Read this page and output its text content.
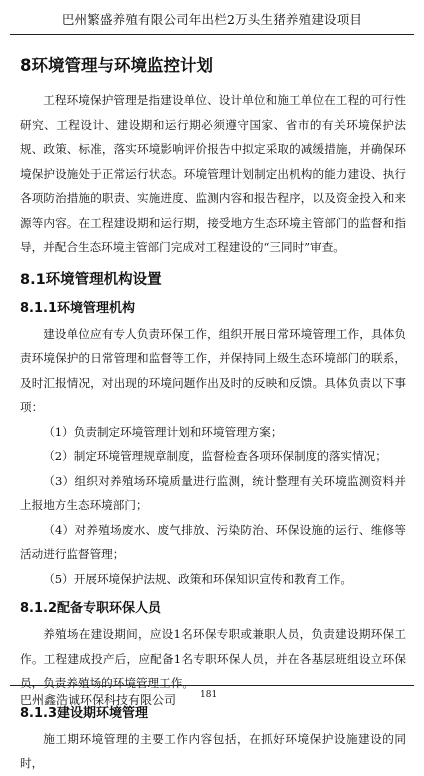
巴州繁盛养殖有限公司年出栏2万头生猪养殖建设项目
8环境管理与环境监控计划

工程环境保护管理是指建设单位、设计单位和施工单位在工程的可行性研究、工程设计、建设期和运行期必须遵守国家、省市的有关环境保护法规、政策、标准，落实环境影响评价报告中拟定采取的减缓措施，并确保环境保护设施处于正常运行状态。环境管理计划制定出机构的能力建设、执行各项防治措施的职责、实施进度、监测内容和报告程序，以及资金投入和来源等内容。在工程建设期和运行期，接受地方生态环境主管部门的监督和指导，并配合生态环境主管部门完成对工程建设的“三同时”审查。

8.1环境管理机构设置
8.1.1环境管理机构

建设单位应有专人负责环保工作，组织开展日常环境管理工作，具体负责环境保护的日常管理和监督等工作，并保持同上级生态环境部门的联系，及时汇报情况，对出现的环境问题作出及时的反映和反馈。具体负责以下事项：

（1）负责制定环境管理计划和环境管理方案；

（2）制定环境管理规章制度，监督检查各项环保制度的落实情况；

（3）组织对养殖场环境质量进行监测，统计整理有关环境监测资料并上报地方生态环境部门；

（4）对养殖场废水、废气排放、污染防治、环保设施的运行、维修等活动进行监督管理；

（5）开展环境保护法规、政策和环保知识宣传和教育工作。

8.1.2配备专职环保人员

养殖场在建设期间，应设1名环保专职或兼职人员，负责建设期环保工作。工程建成投产后，应配备1名专职环保人员，并在各基层班组设立环保员，负责养殖场的环境管理工作。

8.1.3建设期环境管理

施工期环境管理的主要工作内容包括，在抓好环境保护设施建设的同时，

巴州鑫浩诚环保科技有限公司	181
